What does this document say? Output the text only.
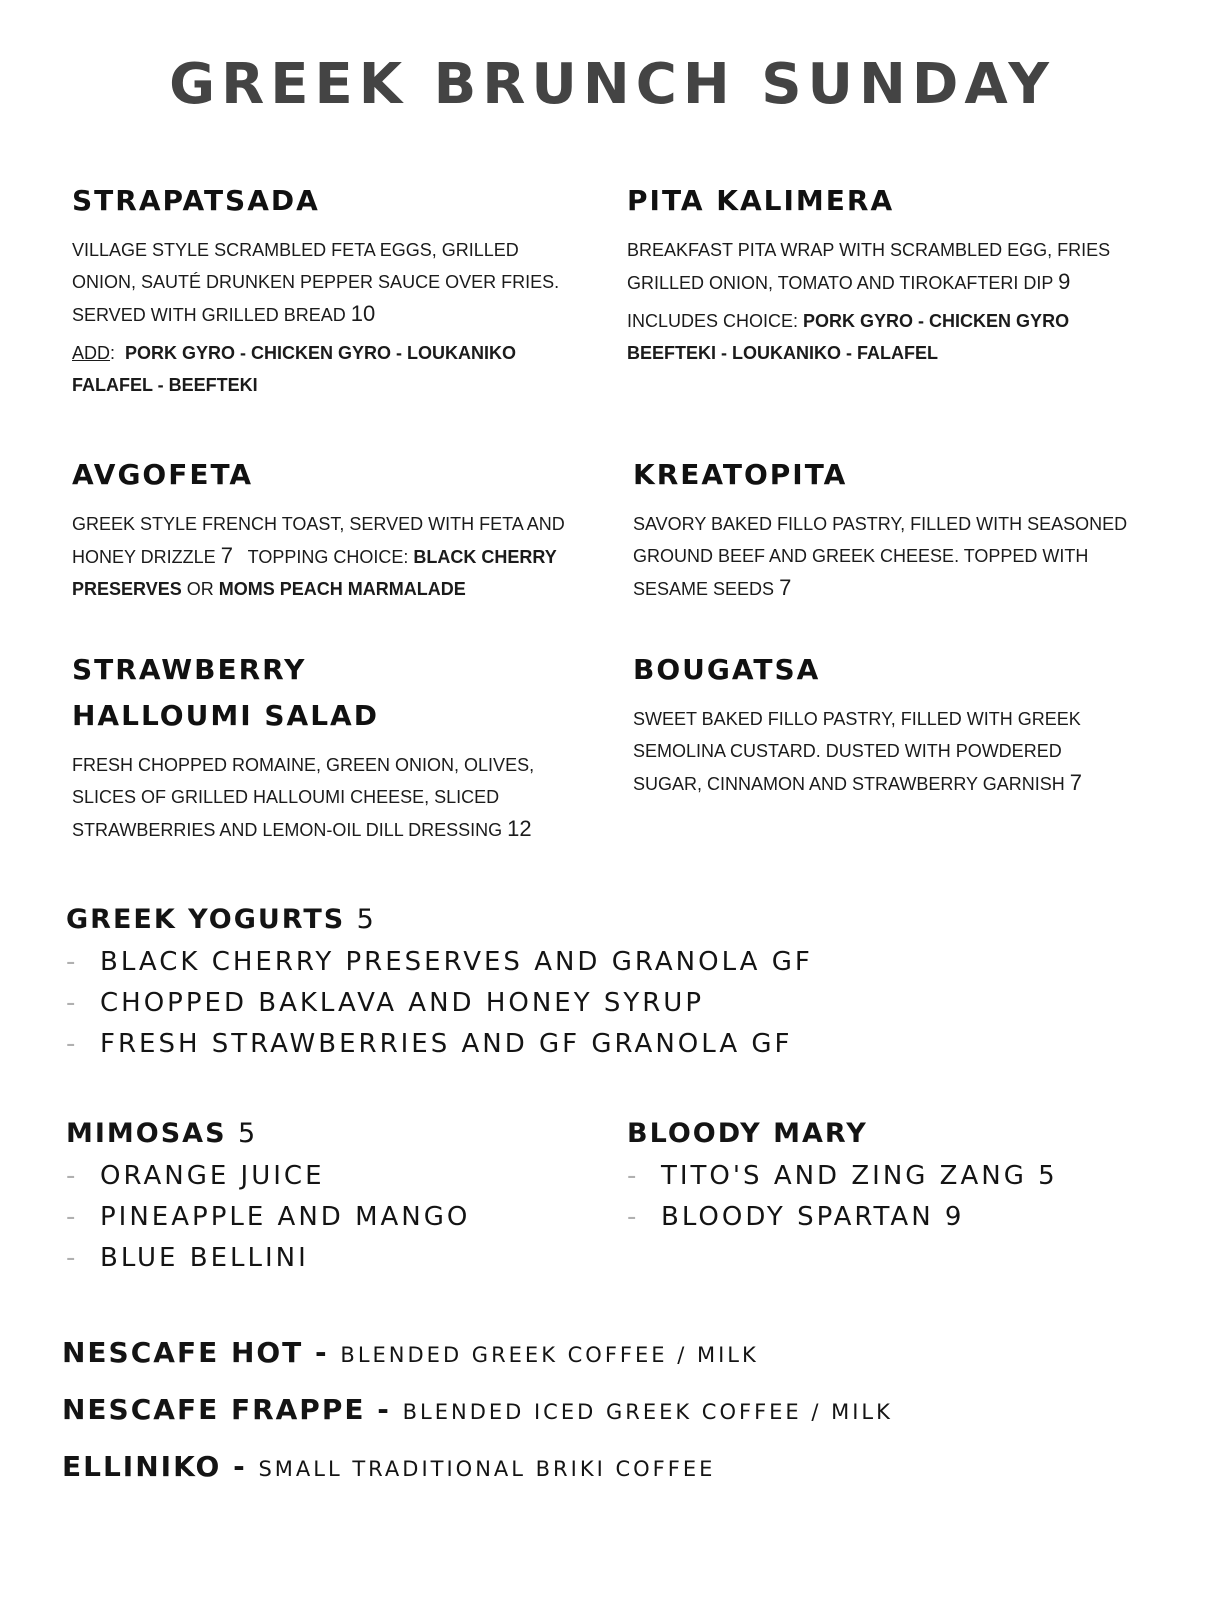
GREEK BRUNCH SUNDAY
STRAPATSADA

VILLAGE STYLE SCRAMBLED FETA EGGS, GRILLED

ONION, SAUTÉ DRUNKEN PEPPER SAUCE OVER FRIES.

SERVED WITH GRILLED BREAD 10

ADD:  PORK GYRO - CHICKEN GYRO - LOUKANIKO

FALAFEL - BEEFTEKI

PITA KALIMERA

BREAKFAST PITA WRAP WITH SCRAMBLED EGG, FRIES

GRILLED ONION, TOMATO AND TIROKAFTERI DIP 9

INCLUDES CHOICE: PORK GYRO - CHICKEN GYRO

BEEFTEKI - LOUKANIKO - FALAFEL

AVGOFETA

GREEK STYLE FRENCH TOAST, SERVED WITH FETA AND

HONEY DRIZZLE 7 TOPPING CHOICE: BLACK CHERRY

PRESERVES OR MOMS PEACH MARMALADE

KREATOPITA

SAVORY BAKED FILLO PASTRY, FILLED WITH SEASONED

GROUND BEEF AND GREEK CHEESE. TOPPED WITH

SESAME SEEDS 7

STRAWBERRY
HALLOUMI SALAD

FRESH CHOPPED ROMAINE, GREEN ONION, OLIVES,

SLICES OF GRILLED HALLOUMI CHEESE, SLICED

STRAWBERRIES AND LEMON-OIL DILL DRESSING 12

BOUGATSA

SWEET BAKED FILLO PASTRY, FILLED WITH GREEK

SEMOLINA CUSTARD. DUSTED WITH POWDERED

SUGAR, CINNAMON AND STRAWBERRY GARNISH 7

GREEK YOGURTS 5
- BLACK CHERRY PRESERVES AND GRANOLA GF
- CHOPPED BAKLAVA AND HONEY SYRUP
- FRESH STRAWBERRIES AND GF GRANOLA GF
MIMOSAS 5
- ORANGE JUICE
- PINEAPPLE AND MANGO
- BLUE BELLINI
BLOODY MARY
- TITO'S AND ZING ZANG 5
- BLOODY SPARTAN 9

NESCAFE HOT - BLENDED GREEK COFFEE / MILK

NESCAFE FRAPPE - BLENDED ICED GREEK COFFEE / MILK

ELLINIKO - SMALL TRADITIONAL BRIKI COFFEE
